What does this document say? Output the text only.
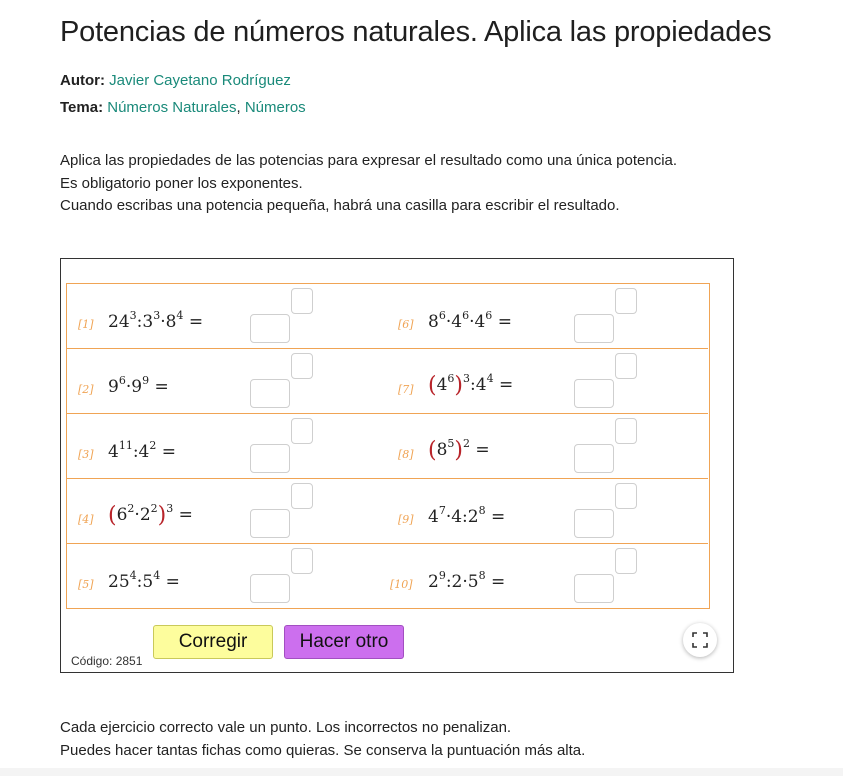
Potencias de números naturales. Aplica las propiedades
Autor: Javier Cayetano Rodríguez
Tema: Números Naturales, Números
Aplica las propiedades de las potencias para expresar el resultado como una única potencia.
Es obligatorio poner los exponentes.
Cuando escribas una potencia pequeña, habrá una casilla para escribir el resultado.
[1] $24^3:3^3\cdot 8^4$ =	[6] $8^6\cdot 4^6\cdot 4^6$ =
[2] $9^6\cdot 9^9$ =	[7] $(4^6)^3:4^4$ =
[3] $4^{11}:4^2$ =	[8] $(8^5)^2$ =
[4] $(6^2\cdot 2^2)^3$ =	[9] $4^7\cdot 4:2^8$ =
[5] $25^4:5^4$ =	[10] $2^9:2\cdot 5^8$ =
Corregir	Hacer otro
Código: 2851
Cada ejercicio correcto vale un punto. Los incorrectos no penalizan.
Puedes hacer tantas fichas como quieras. Se conserva la puntuación más alta.
